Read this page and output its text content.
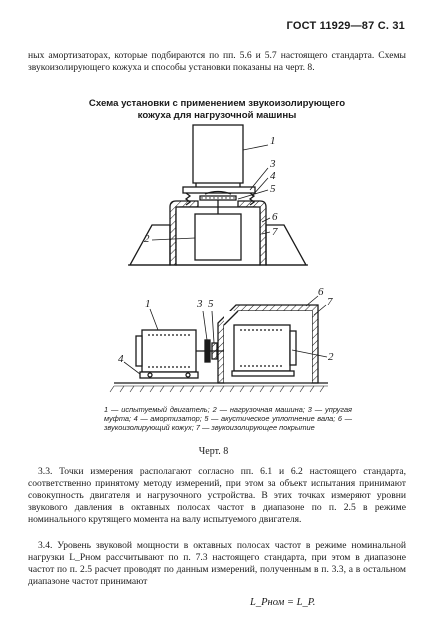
ГОСТ 11929—87 С. 31
ных амортизаторах, которые подбираются по пп. 5.6 и 5.7 настоящего стандарта. Схемы звукоизолирующего кожуха и способы установки показаны на черт. 8.
Схема установки с применением звукоизолирующего
кожуха для нагрузочной машины
1
3
4
5
2
6
7
1	3 5
6
7
4	2
1 — испытуемый двигатель; 2 — нагрузочная машина; 3 — упругая муфта; 4 — амортизатор; 5 — акустическое уплотнение вала; 6 — звукоизолирующий кожух; 7 — звукоизолирующее покрытие
Черт. 8

3.3. Точки измерения располагают согласно пп. 6.1 и 6.2 настоящего стандарта, соответственно принятому методу измерений, при этом за объект испытания принимают совокупность двигателя и нагрузочного устройства. В этих точках измеряют уровни звукового давления в октавных полосах частот в диапазоне по п. 2.5 в режиме номинального крутящего момента на валу испытуемого двигателя.

3.4. Уровень звуковой мощности в октавных полосах частот в режиме номинальной нагрузки L_Pном рассчитывают по п. 7.3 настоящего стандарта, при этом в диапазоне частот по п. 2.5 расчет проводят по данным измерений, полученным в п. 3.3, а в остальном диапазоне частот принимают

L_Pном = L_P.
